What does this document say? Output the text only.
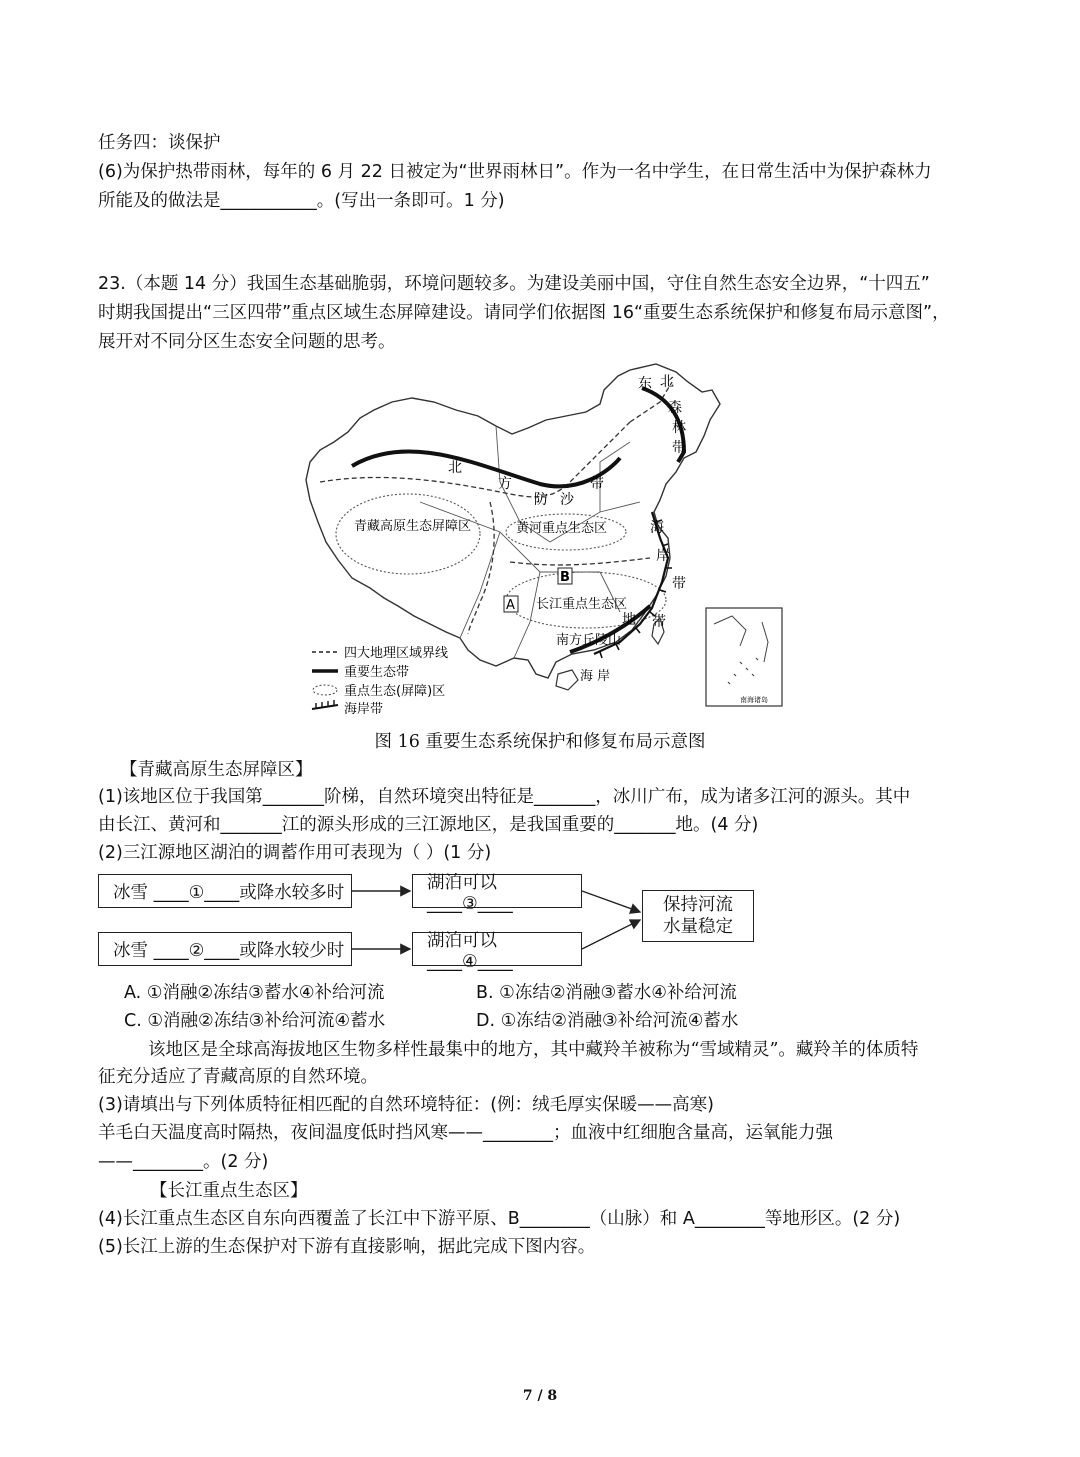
任务四：谈保护
(6)为保护热带雨林，每年的 6 月 22 日被定为“世界雨林日”。作为一名中学生，在日常生活中为保护森林力
所能及的做法是___________。(写出一条即可。1 分)
23.（本题 14 分）我国生态基础脆弱，环境问题较多。为建设美丽中国，守住自然生态安全边界，“十四五”
时期我国提出“三区四带”重点区域生态屏障建设。请同学们依据图 16“重要生态系统保护和修复布局示意图”，
展开对不同分区生态安全问题的思考。
东 北
森
林
带
北
方
防 沙
带
海
岸
带
南方丘陵山
地 带
海 岸
青藏高原生态屏障区	黄河重点生态区
长江重点生态区
A
B
南海诸岛
四大地理区域界线
重要生态带
重点生态(屏障)区
海岸带
图 16 重要生态系统保护和修复布局示意图
【青藏高原生态屏障区】
(1)该地区位于我国第_______阶梯，自然环境突出特征是_______，冰川广布，成为诸多江河的源头。其中
由长江、黄河和_______江的源头形成的三江源地区，是我国重要的_______地。(4 分)
(2)三江源地区湖泊的调蓄作用可表现为（ ）(1 分)
冰雪 ____①____或降水较多时	湖泊可以 ____③____
冰雪 ____②____或降水较少时	湖泊可以 ____④____
保持河流
水量稳定
A. ①消融②冻结③蓄水④补给河流	B. ①冻结②消融③蓄水④补给河流
C. ①消融②冻结③补给河流④蓄水	D. ①冻结②消融③补给河流④蓄水
该地区是全球高海拔地区生物多样性最集中的地方，其中藏羚羊被称为“雪域精灵”。藏羚羊的体质特
征充分适应了青藏高原的自然环境。
(3)请填出与下列体质特征相匹配的自然环境特征：(例：绒毛厚实保暖——高寒)
羊毛白天温度高时隔热，夜间温度低时挡风寒——________；血液中红细胞含量高，运氧能力强
——________。(2 分)
【长江重点生态区】
(4)长江重点生态区自东向西覆盖了长江中下游平原、B________（山脉）和 A________等地形区。(2 分)
(5)长江上游的生态保护对下游有直接影响，据此完成下图内容。
7 / 8
